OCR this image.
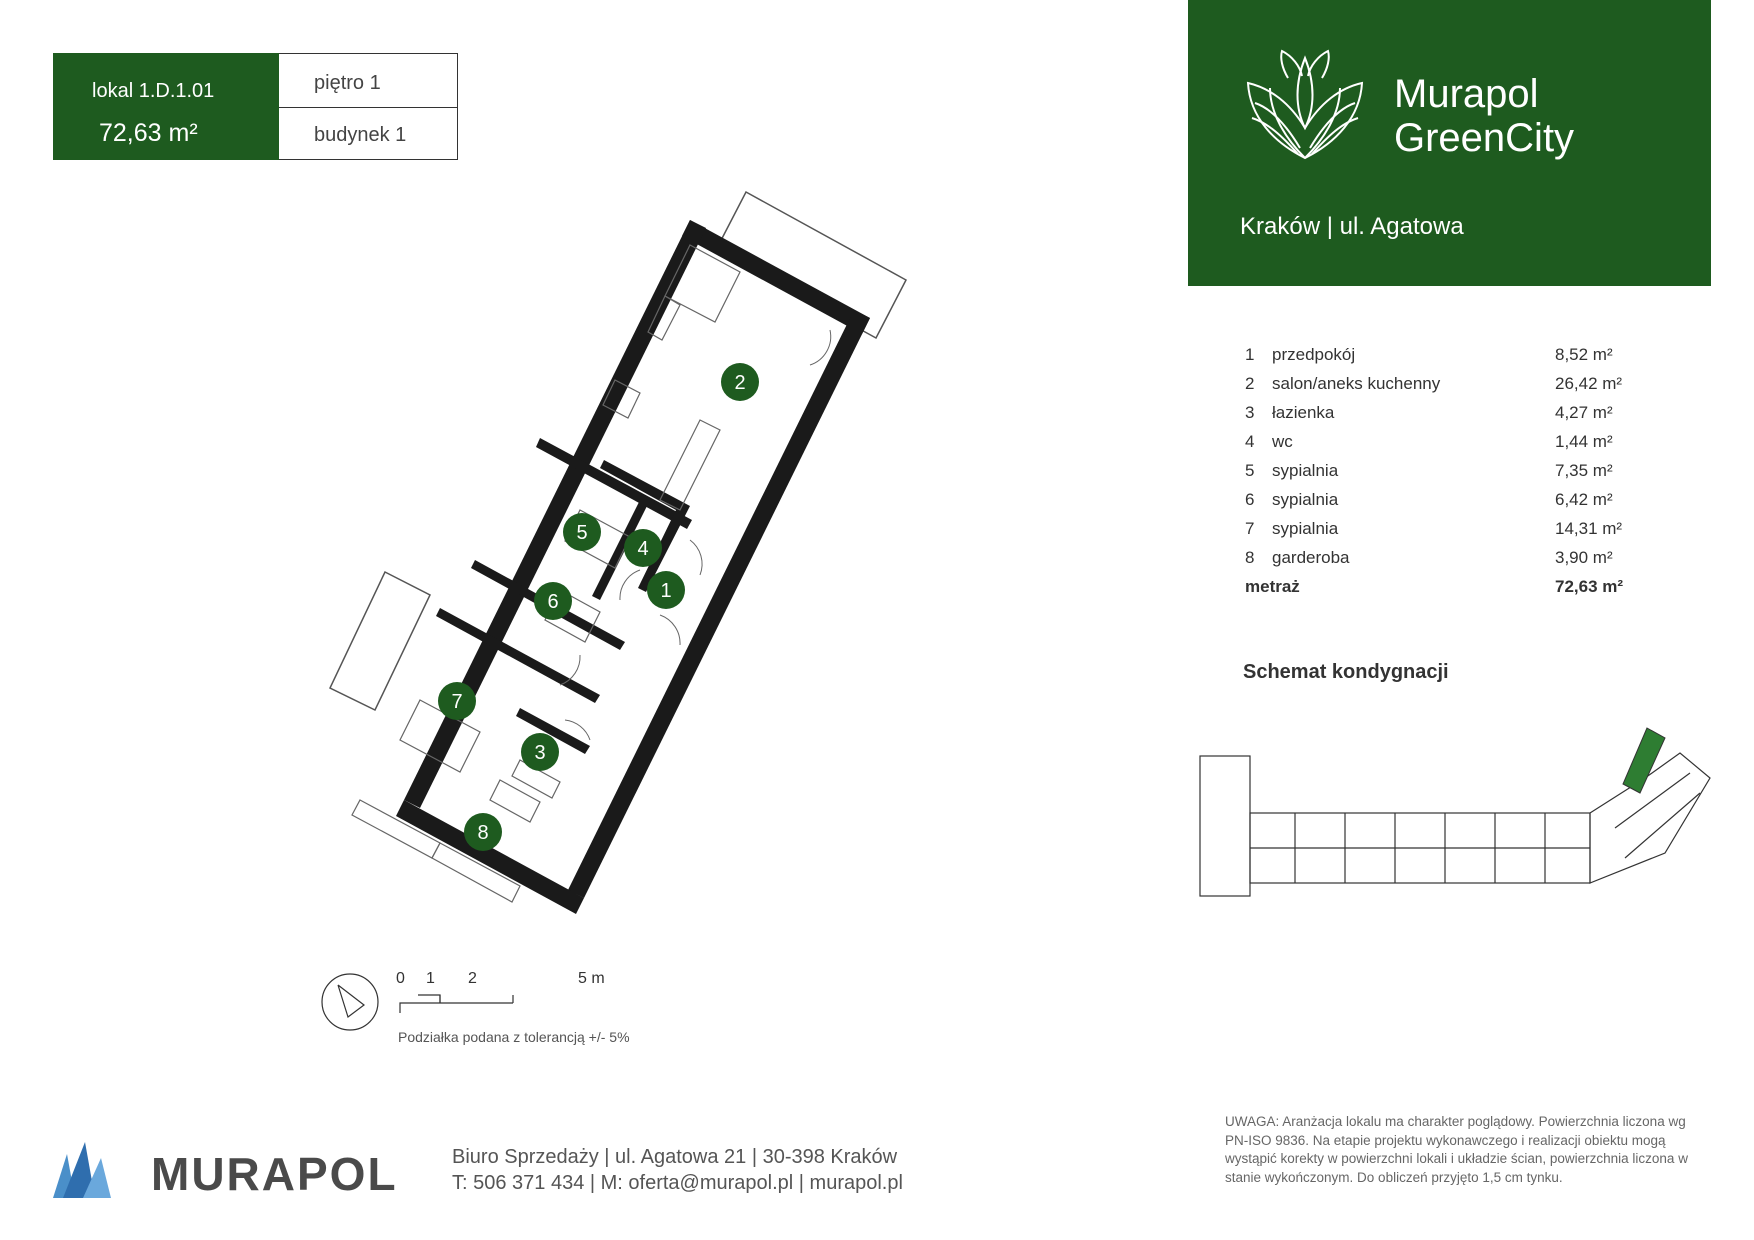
lokal 1.D.1.01
72,63 m²
piętro 1
budynek 1
Murapol
GreenCity
Kraków | ul. Agatowa
1 przedpokój	8,52 m²
2 salon/aneks kuchenny	26,42 m²
3 łazienka	4,27 m²
4 wc	1,44 m²
5 sypialnia	7,35 m²
6 sypialnia	6,42 m²
7 sypialnia	14,31 m²
8 garderoba	3,90 m²
metraż	72,63 m²
Schemat kondygnacji
2
5
4
1
6
7
3
8
0 1 2	5 m
Podziałka podana z tolerancją +/- 5%
MURAPOL	Biuro Sprzedaży | ul. Agatowa 21 | 30-398 Kraków
T: 506 371 434 | M: oferta@murapol.pl | murapol.pl
UWAGA: Aranżacja lokalu ma charakter poglądowy. Powierzchnia liczona wg PN-ISO 9836. Na etapie projektu wykonawczego i realizacji obiektu mogą wystąpić korekty w powierzchni lokali i układzie ścian, powierzchnia liczona w stanie wykończonym. Do obliczeń przyjęto 1,5 cm tynku.
